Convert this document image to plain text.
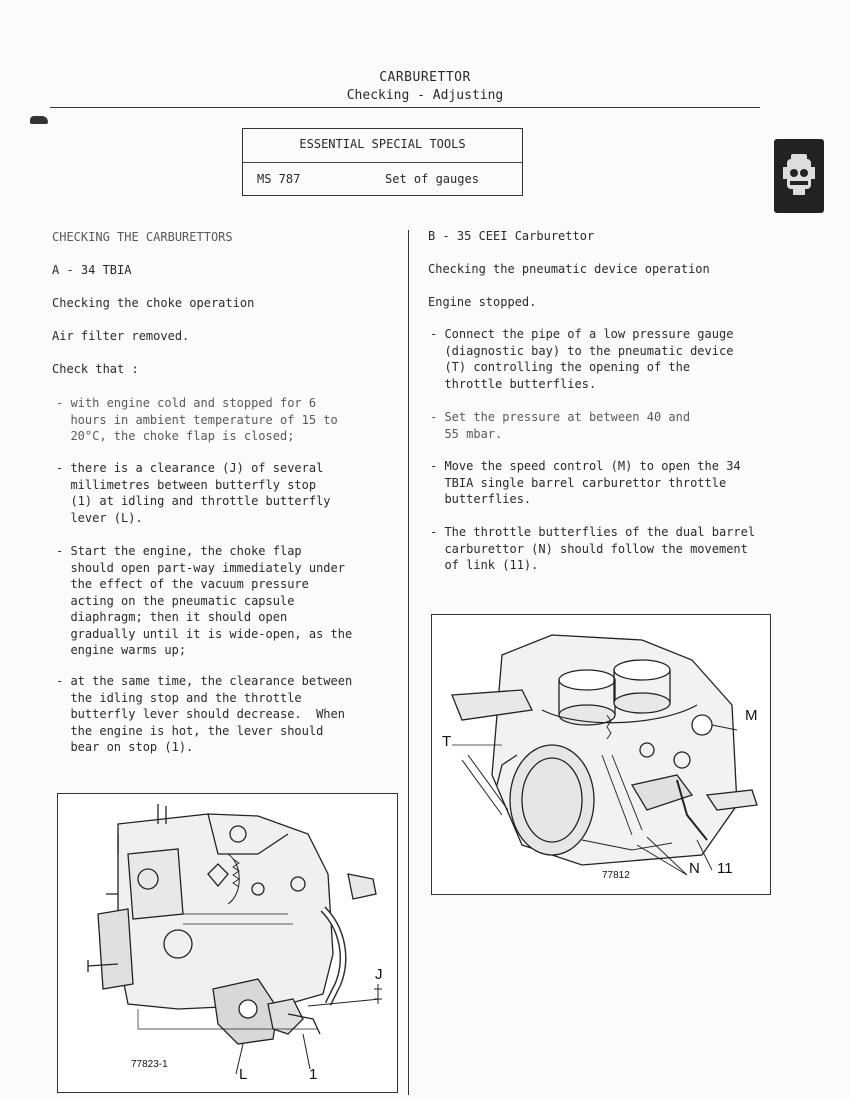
CARBURETTOR
Checking - Adjusting
ESSENTIAL SPECIAL TOOLS
MS 787	Set of gauges
CHECKING THE CARBURETTORS
A - 34 TBIA
Checking the choke operation
Air filter removed.
Check that :
- with engine cold and stopped for 6
hours in ambient temperature of 15 to
20°C, the choke flap is closed;
- there is a clearance (J) of several
millimetres between butterfly stop
(1) at idling and throttle butterfly
lever (L).
- Start the engine, the choke flap
should open part-way immediately under
the effect of the vacuum pressure
acting on the pneumatic capsule
diaphragm; then it should open
gradually until it is wide-open, as the
engine warms up;
- at the same time, the clearance between
the idling stop and the throttle
butterfly lever should decrease.  When
the engine is hot, the lever should
bear on stop (1).
77823-1
J
L	1
B - 35 CEEI Carburettor
Checking the pneumatic device operation
Engine stopped.
- Connect the pipe of a low pressure gauge
(diagnostic bay) to the pneumatic device
(T) controlling the opening of the
throttle butterflies.
- Set the pressure at between 40 and
55 mbar.
- Move the speed control (M) to open the 34
TBIA single barrel carburettor throttle
butterflies.
- The throttle butterflies of the dual barrel
carburettor (N) should follow the movement
of link (11).
77812
T
M
N 11
